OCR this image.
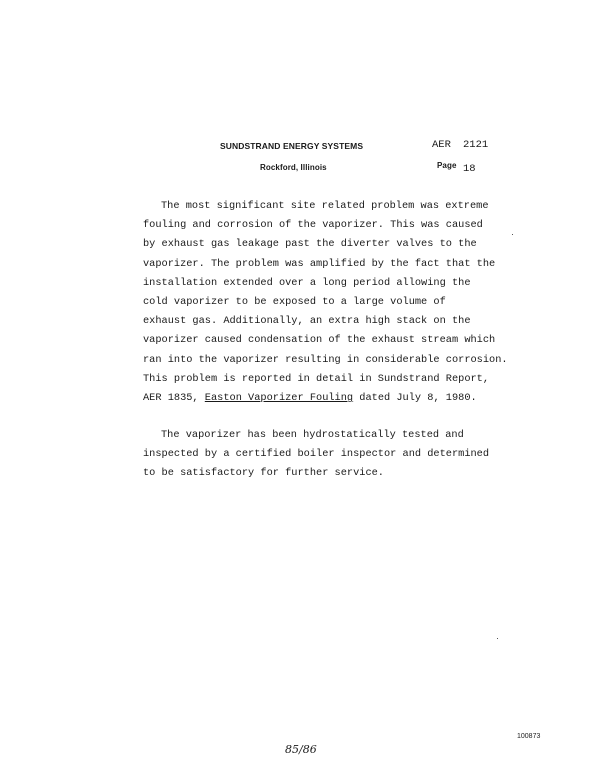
SUNDSTRAND ENERGY SYSTEMS
Rockford, Illinois
AER 2121
Page 18

The most significant site related problem was extreme

fouling and corrosion of the vaporizer. This was caused

by exhaust gas leakage past the diverter valves to the

vaporizer. The problem was amplified by the fact that the

installation extended over a long period allowing the

cold vaporizer to be exposed to a large volume of

exhaust gas. Additionally, an extra high stack on the

vaporizer caused condensation of the exhaust stream which

ran into the vaporizer resulting in considerable corrosion.

This problem is reported in detail in Sundstrand Report,

AER 1835, Easton Vaporizer Fouling dated July 8, 1980.

The vaporizer has been hydrostatically tested and

inspected by a certified boiler inspector and determined

to be satisfactory for further service.

100873
85/86
